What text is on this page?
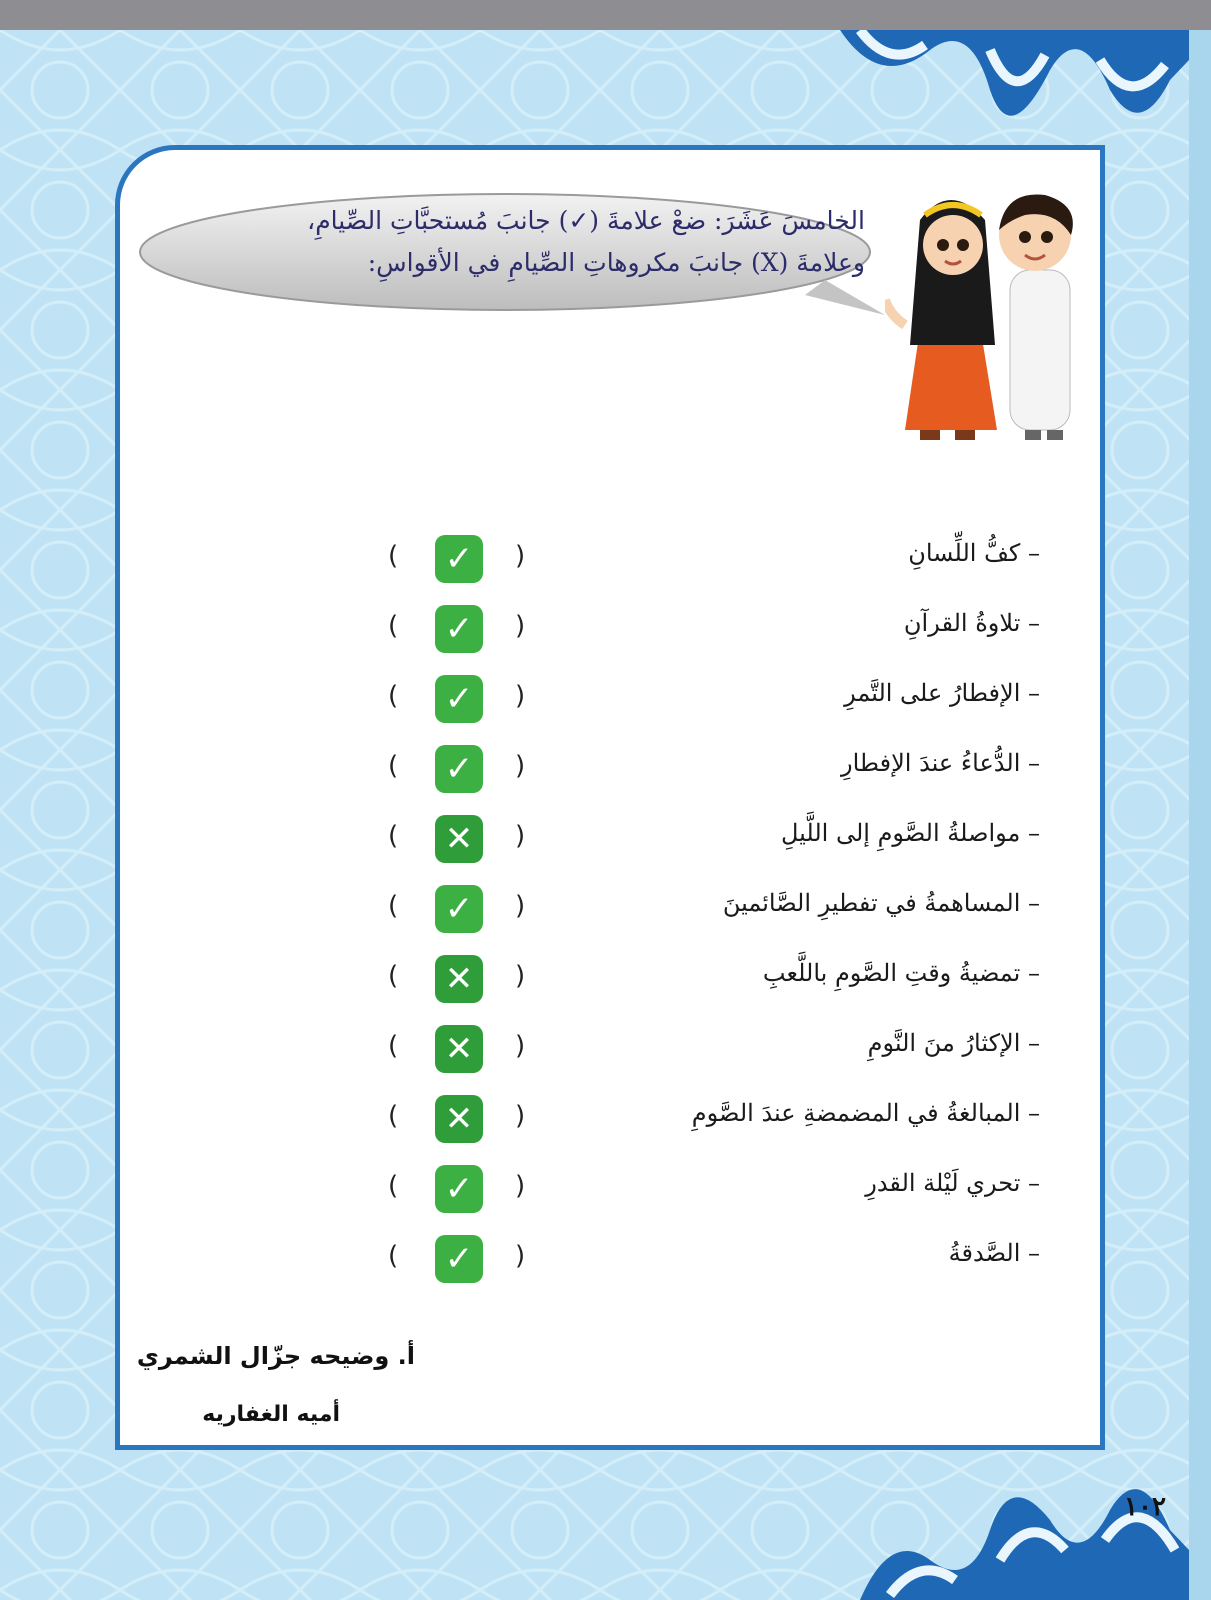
١٠٢
الخامسَ عَشَرَ: ضعْ علامةَ (✓) جانبَ مُستحبَّاتِ الصِّيامِ،
وعلامةَ (X) جانبَ مكروهاتِ الصِّيامِ في الأقواسِ:
– كفُّ اللِّسانِ
( ✓	)
– تلاوةُ القرآنِ
( ✓	)
– الإفطارُ على التَّمرِ
( ✓	)
– الدُّعاءُ عندَ الإفطارِ
( ✓	)
– مواصلةُ الصَّومِ إلى اللَّيلِ
( ✕	)
– المساهمةُ في تفطيرِ الصَّائمينَ
( ✓	)
– تمضيةُ وقتِ الصَّومِ باللَّعبِ
( ✕	)
– الإكثارُ منَ النَّومِ
( ✕	)
– المبالغةُ في المضمضةِ عندَ الصَّومِ
( ✕	)
– تحري لَيْلة القدرِ
( ✓	)
– الصَّدقةُ
( ✓	)
أ. وضيحه جزّال الشمري
أميه الغفاريه
